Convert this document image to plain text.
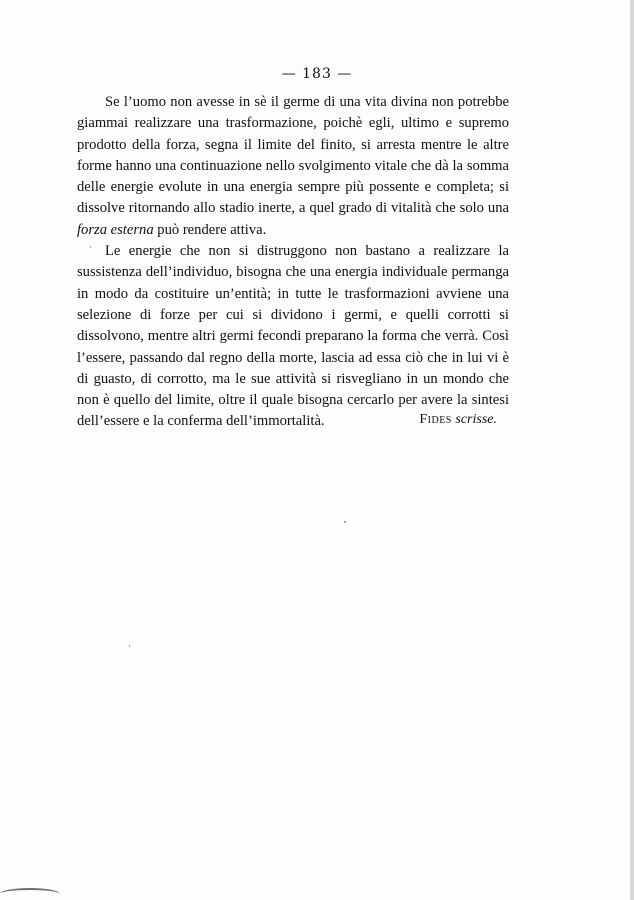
— 183 —

Se l’uomo non avesse in sè il germe di una vita divina non potrebbe giammai realizzare una trasformazione, poichè egli, ultimo e supremo prodotto della forza, segna il limite del finito, si arresta mentre le altre forme hanno una continuazione nello svolgimento vitale che dà la somma delle energie evolute in una energia sempre più possente e completa; si dissolve ritornando allo stadio inerte, a quel grado di vitalità che solo una forza esterna può rendere attiva.

Le energie che non si distruggono non bastano a realizzare la sussistenza dell’individuo, bisogna che una energia individuale permanga in modo da costituire un’entità; in tutte le trasformazioni avviene una selezione di forze per cui si dividono i germi, e quelli corrotti si dissolvono, mentre altri germi fecondi preparano la forma che verrà. Così l’essere, passando dal regno della morte, lascia ad essa ciò che in lui vi è di guasto, di corrotto, ma le sue attività si risvegliano in un mondo che non è quello del limite, oltre il quale bisogna cercarlo per avere la sintesi dell’essere e la conferma dell’immortalità.	Fides scrisse.
